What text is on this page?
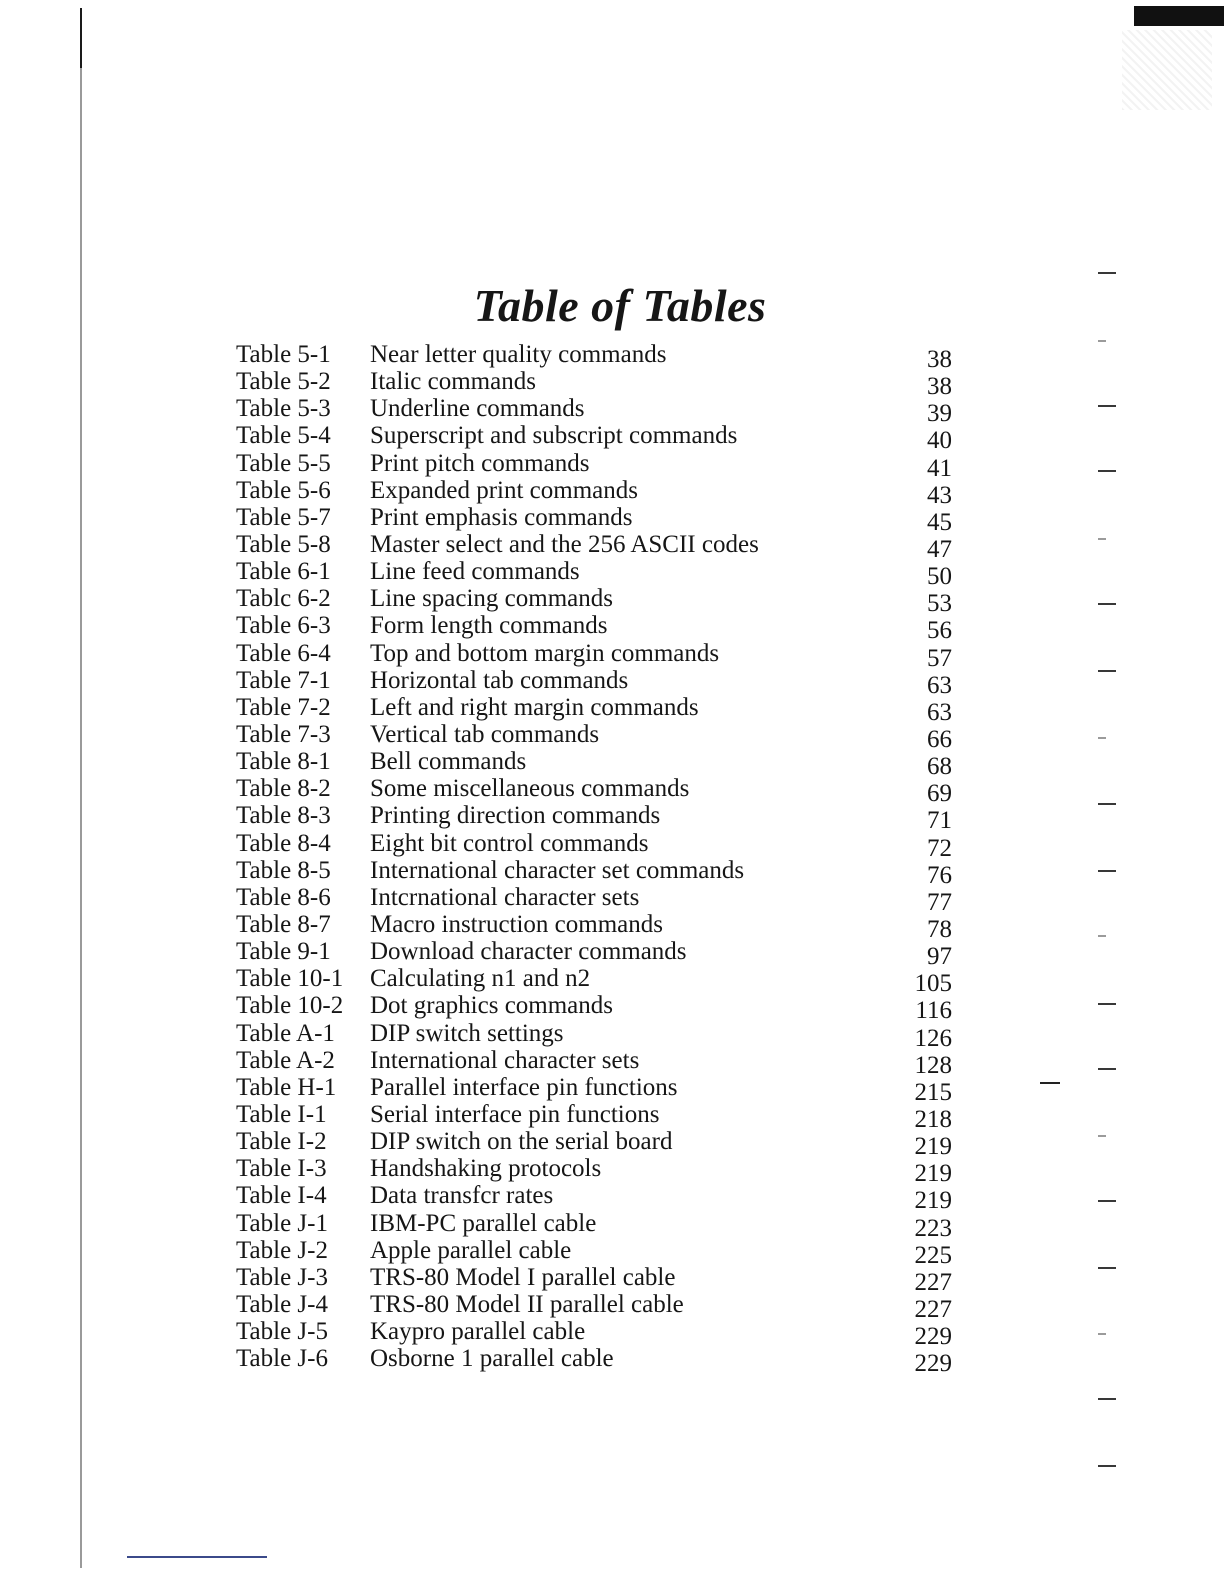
Table of Tables
Table 5-1 Near letter quality commands	38
Table 5-2 Italic commands	38
Table 5-3 Underline commands	39
Table 5-4 Superscript and subscript commands	40
Table 5-5 Print pitch commands	41
Table 5-6 Expanded print commands	43
Table 5-7 Print emphasis commands	45
Table 5-8 Master select and the 256 ASCII codes	47
Table 6-1 Line feed commands	50
Tablc 6-2 Line spacing commands	53
Table 6-3 Form length commands	56
Table 6-4 Top and bottom margin commands	57
Table 7-1 Horizontal tab commands	63
Table 7-2 Left and right margin commands	63
Table 7-3 Vertical tab commands	66
Table 8-1 Bell commands	68
Table 8-2 Some miscellaneous commands	69
Table 8-3 Printing direction commands	71
Table 8-4 Eight bit control commands	72
Table 8-5 International character set commands	76
Table 8-6 Intcrnational character sets	77
Table 8-7 Macro instruction commands	78
Table 9-1 Download character commands	97
Table 10-1 Calculating n1 and n2	105
Table 10-2 Dot graphics commands	116
Table A-1 DIP switch settings	126
Table A-2 International character sets	128
Table H-1 Parallel interface pin functions	215
Table I-1 Serial interface pin functions	218
Table I-2 DIP switch on the serial board	219
Table I-3 Handshaking protocols	219
Table I-4 Data transfcr rates	219
Table J-1 IBM-PC parallel cable	223
Table J-2 Apple parallel cable	225
Table J-3 TRS-80 Model I parallel cable	227
Table J-4 TRS-80 Model II parallel cable	227
Table J-5 Kaypro parallel cable	229
Table J-6 Osborne 1 parallel cable	229
